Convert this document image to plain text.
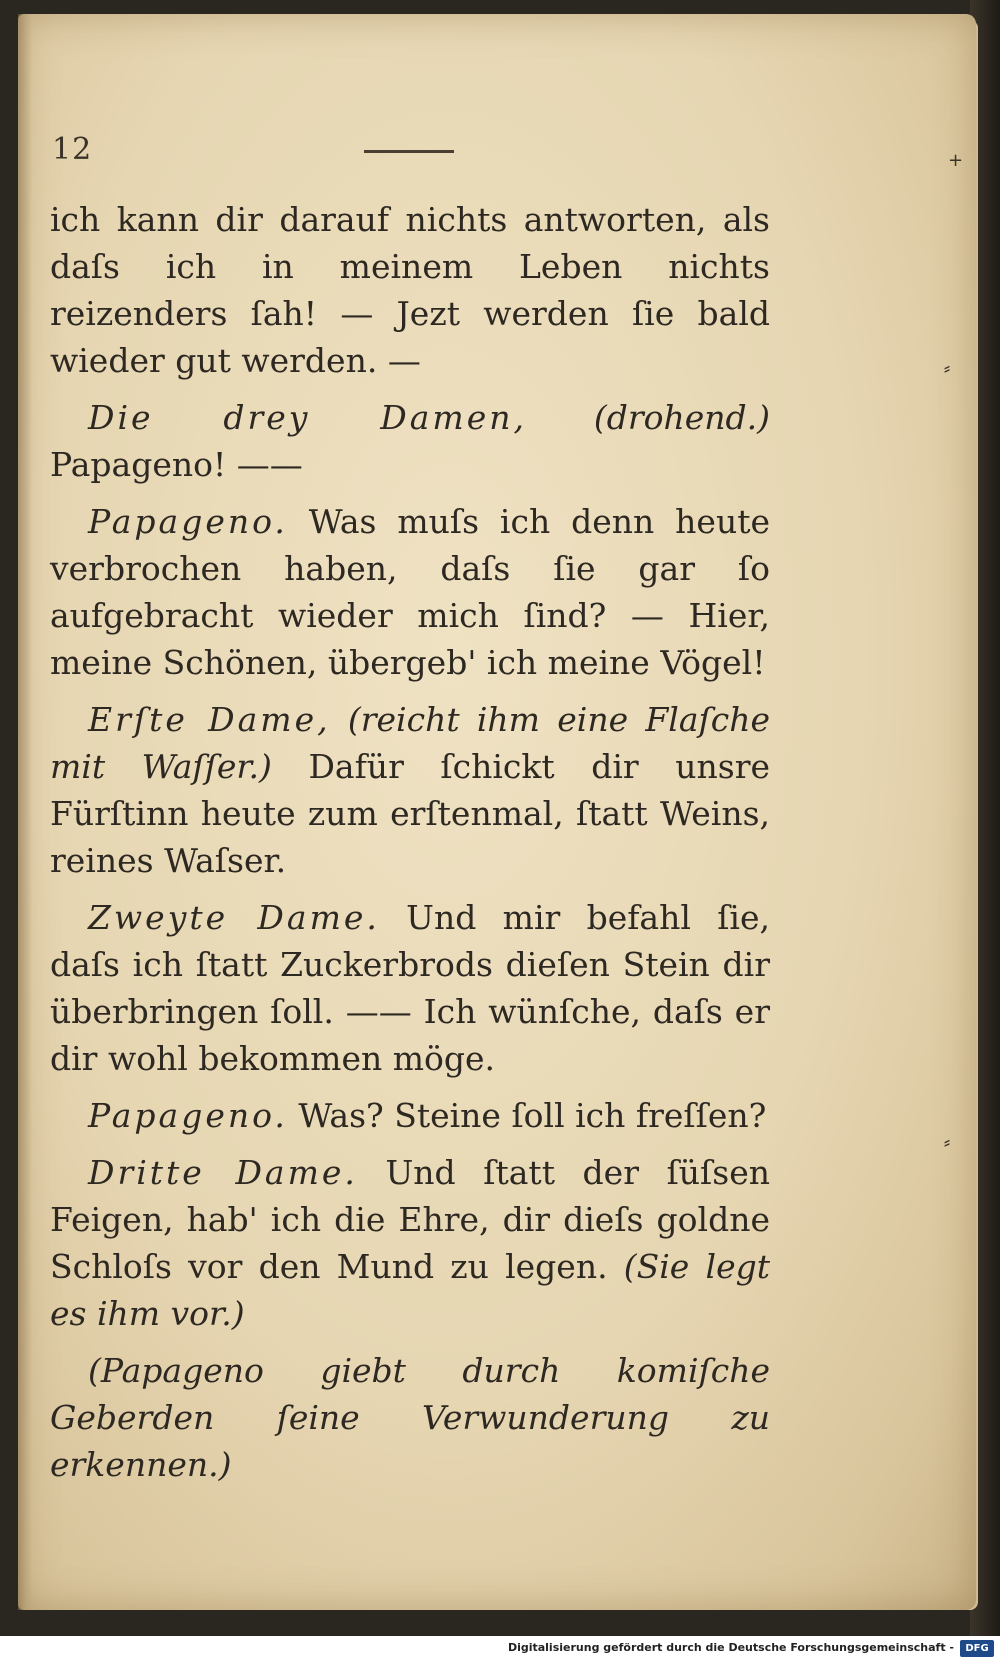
+
⸗
⸗
12

ich kann dir darauf nichts antworten, als daſs ich in meinem Leben nichts reizenders ſah! — Jezt werden ſie bald wieder gut werden. —

Die drey Damen, (drohend.) Papageno! ——

Papageno. Was muſs ich denn heute verbrochen haben, daſs ſie gar ſo aufgebracht wieder mich ſind? — Hier, meine Schönen, übergeb' ich meine Vögel!

Erſte Dame, (reicht ihm eine Flaſche mit Waſſer.) Dafür ſchickt dir unsre Fürſtinn heute zum erſtenmal, ſtatt Weins, reines Waſser.

Zweyte Dame. Und mir befahl ſie, daſs ich ſtatt Zuckerbrods dieſen Stein dir überbringen ſoll. —— Ich wünſche, daſs er dir wohl bekommen möge.

Papageno. Was? Steine ſoll ich freſſen?

Dritte Dame. Und ſtatt der ſüſsen Feigen, hab' ich die Ehre, dir dieſs goldne Schloſs vor den Mund zu legen. (Sie legt es ihm vor.)

(Papageno giebt durch komiſche Geberden ſeine Verwunderung zu erkennen.)

Digitalisierung gefördert durch die Deutsche Forschungsgemeinschaft -	DFG
